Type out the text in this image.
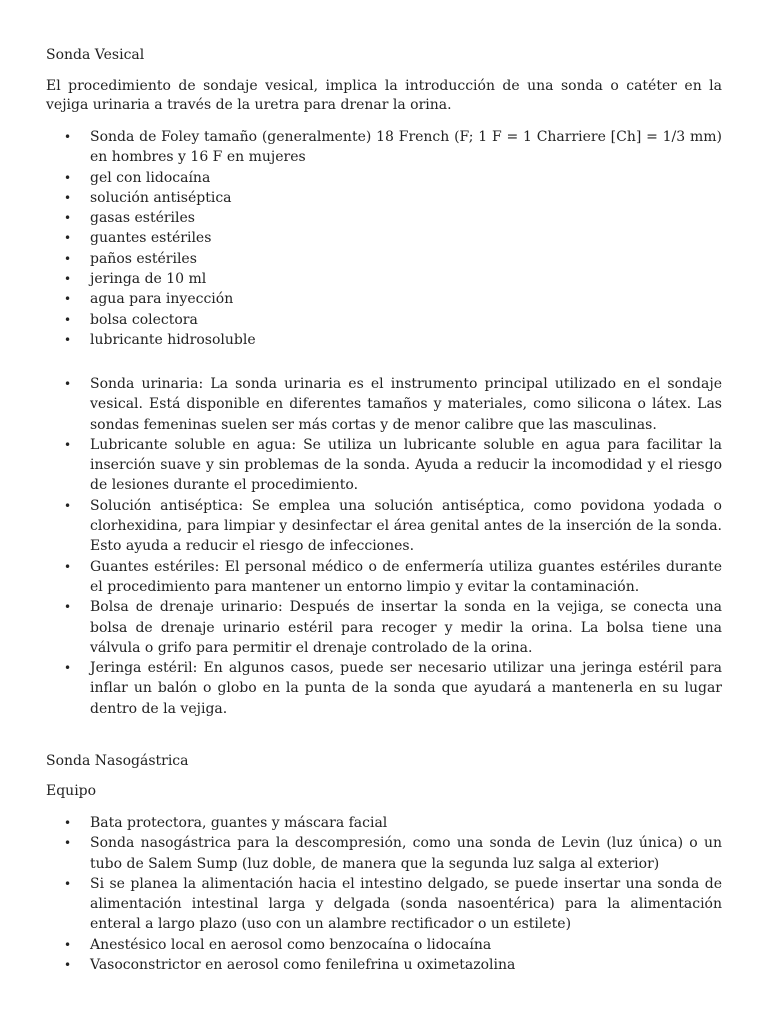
Sonda Vesical

El procedimiento de sondaje vesical, implica la introducción de una sonda o catéter en la vejiga urinaria a través de la uretra para drenar la orina.

• Sonda de Foley tamaño (generalmente) 18 French (F; 1 F = 1 Charriere [Ch] = 1/3 mm) en hombres y 16 F en mujeres
• gel con lidocaína
• solución antiséptica
• gasas estériles
• guantes estériles
• paños estériles
• jeringa de 10 ml
• agua para inyección
• bolsa colectora
• lubricante hidrosoluble
• Sonda urinaria: La sonda urinaria es el instrumento principal utilizado en el sondaje vesical. Está disponible en diferentes tamaños y materiales, como silicona o látex. Las sondas femeninas suelen ser más cortas y de menor calibre que las masculinas.
• Lubricante soluble en agua: Se utiliza un lubricante soluble en agua para facilitar la inserción suave y sin problemas de la sonda. Ayuda a reducir la incomodidad y el riesgo de lesiones durante el procedimiento.
• Solución antiséptica: Se emplea una solución antiséptica, como povidona yodada o clorhexidina, para limpiar y desinfectar el área genital antes de la inserción de la sonda. Esto ayuda a reducir el riesgo de infecciones.
• Guantes estériles: El personal médico o de enfermería utiliza guantes estériles durante el procedimiento para mantener un entorno limpio y evitar la contaminación.
• Bolsa de drenaje urinario: Después de insertar la sonda en la vejiga, se conecta una bolsa de drenaje urinario estéril para recoger y medir la orina. La bolsa tiene una válvula o grifo para permitir el drenaje controlado de la orina.
• Jeringa estéril: En algunos casos, puede ser necesario utilizar una jeringa estéril para inflar un balón o globo en la punta de la sonda que ayudará a mantenerla en su lugar dentro de la vejiga.

Sonda Nasogástrica

Equipo

• Bata protectora, guantes y máscara facial
• Sonda nasogástrica para la descompresión, como una sonda de Levin (luz única) o un tubo de Salem Sump (luz doble, de manera que la segunda luz salga al exterior)
• Si se planea la alimentación hacia el intestino delgado, se puede insertar una sonda de alimentación intestinal larga y delgada (sonda nasoentérica) para la alimentación enteral a largo plazo (uso con un alambre rectificador o un estilete)
• Anestésico local en aerosol como benzocaína o lidocaína
• Vasoconstrictor en aerosol como fenilefrina u oximetazolina
